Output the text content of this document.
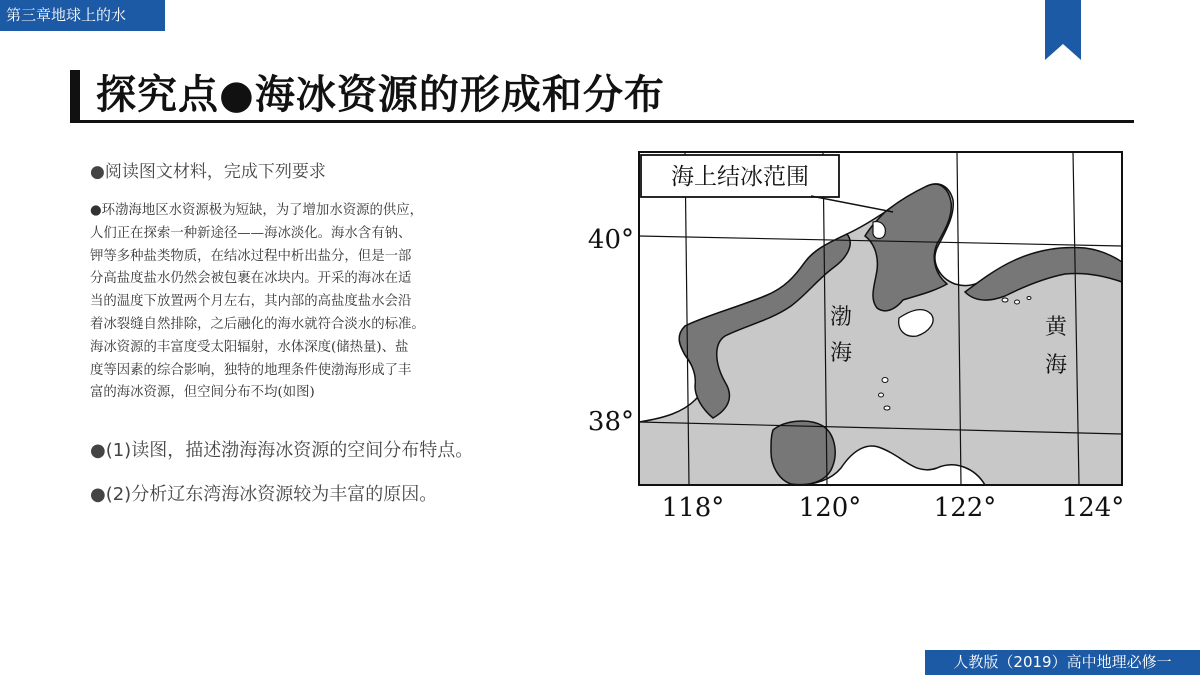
第三章地球上的水
探究点●海冰资源的形成和分布
●阅读图文材料，完成下列要求

●环渤海地区水资源极为短缺，为了增加水资源的供应，

人们正在探索一种新途径——海冰淡化。海水含有钠、

钾等多种盐类物质，在结冰过程中析出盐分，但是一部

分高盐度盐水仍然会被包裹在冰块内。开采的海冰在适

当的温度下放置两个月左右，其内部的高盐度盐水会沿

着冰裂缝自然排除，之后融化的海水就符合淡水的标准。

海冰资源的丰富度受太阳辐射，水体深度(储热量)、盐

度等因素的综合影响，独特的地理条件使渤海形成了丰

富的海冰资源，但空间分布不均(如图)

●(1)读图，描述渤海海冰资源的空间分布特点。
●(2)分析辽东湾海冰资源较为丰富的原因。
海上结冰范围
渤
海
黄
海
40°
38°
118°	120°	122°	124°
人教版（2019）高中地理必修一
